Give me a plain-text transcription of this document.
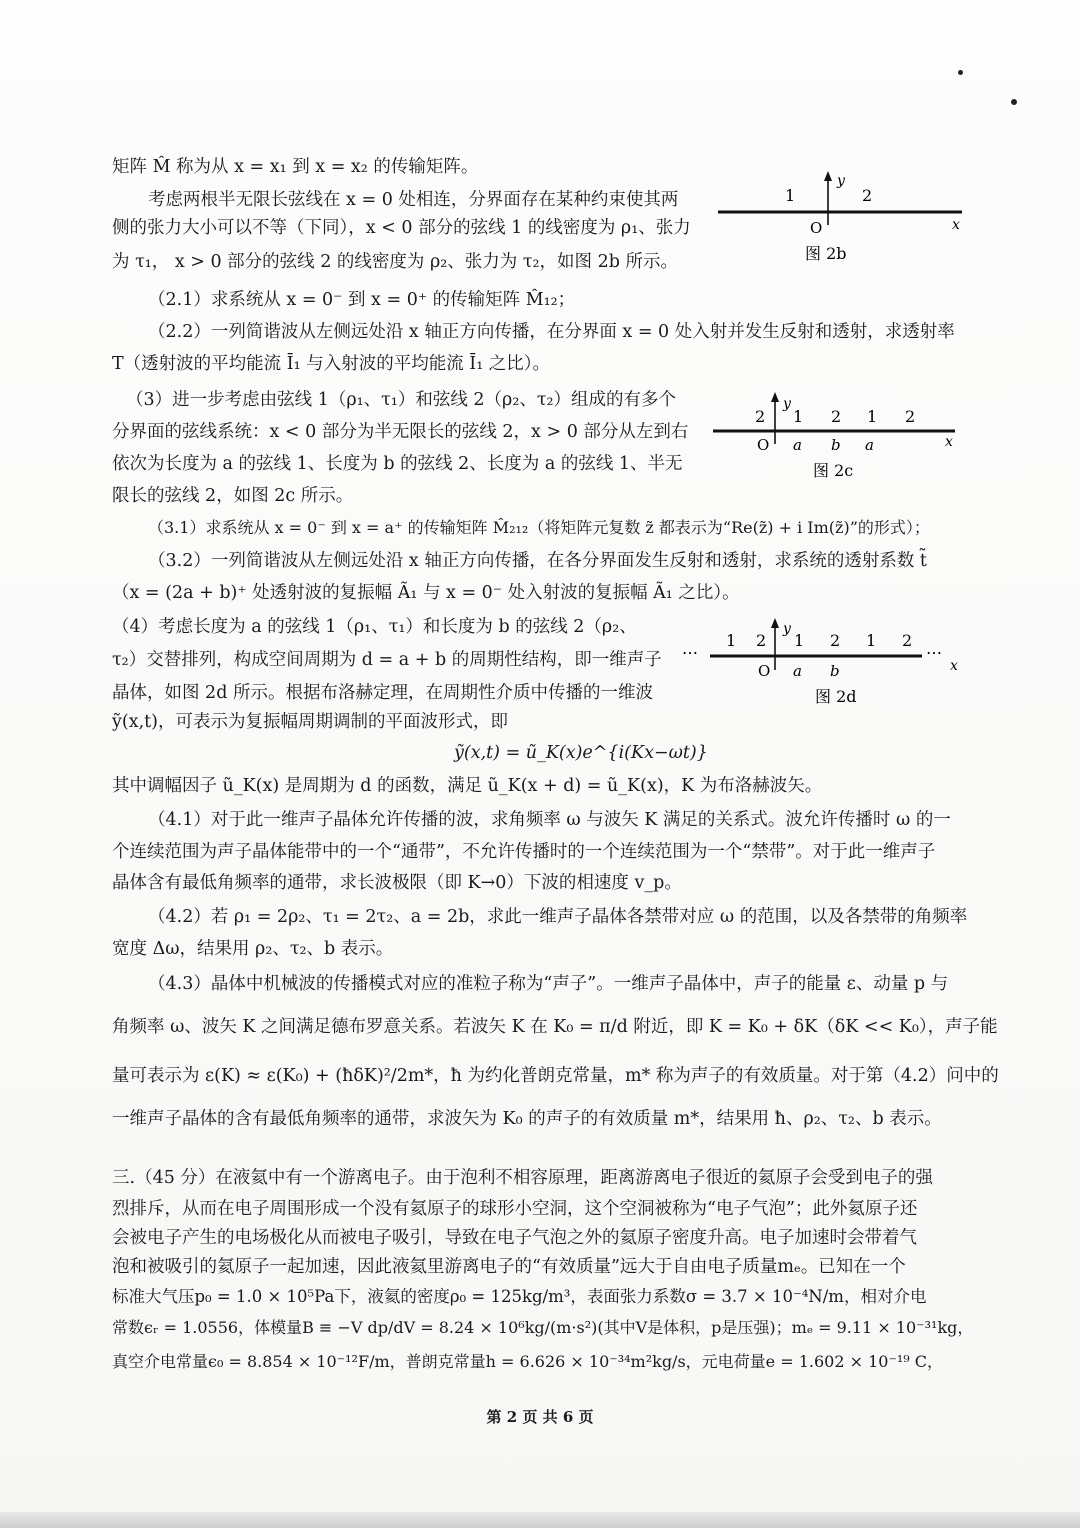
矩阵 M̂ 称为从 x = x₁ 到 x = x₂ 的传输矩阵。
考虑两根半无限长弦线在 x = 0 处相连，分界面存在某种约束使其两
侧的张力大小可以不等（下同），x < 0 部分的弦线 1 的线密度为 ρ₁、张力
为 τ₁， x > 0 部分的弦线 2 的线密度为 ρ₂、张力为 τ₂，如图 2b 所示。
（2.1）求系统从 x = 0⁻ 到 x = 0⁺ 的传输矩阵 M̂₁₂；
（2.2）一列简谐波从左侧远处沿 x 轴正方向传播，在分界面 x = 0 处入射并发生反射和透射，求透射率
T（透射波的平均能流 Ī₁ 与入射波的平均能流 Ī₁ 之比）。
（3）进一步考虑由弦线 1（ρ₁、τ₁）和弦线 2（ρ₂、τ₂）组成的有多个
分界面的弦线系统：x < 0 部分为半无限长的弦线 2，x > 0 部分从左到右
依次为长度为 a 的弦线 1、长度为 b 的弦线 2、长度为 a 的弦线 1、半无
限长的弦线 2，如图 2c 所示。
（3.1）求系统从 x = 0⁻ 到 x = a⁺ 的传输矩阵 M̂₂₁₂（将矩阵元复数 z̃ 都表示为“Re(z̃) + i Im(z̃)”的形式）；
（3.2）一列简谐波从左侧远处沿 x 轴正方向传播，在各分界面发生反射和透射，求系统的透射系数 t̃
（x = (2a + b)⁺ 处透射波的复振幅 Ã₁ 与 x = 0⁻ 处入射波的复振幅 Ã₁ 之比）。
（4）考虑长度为 a 的弦线 1（ρ₁、τ₁）和长度为 b 的弦线 2（ρ₂、
τ₂）交替排列，构成空间周期为 d = a + b 的周期性结构，即一维声子
晶体，如图 2d 所示。根据布洛赫定理，在周期性介质中传播的一维波
ỹ(x,t)，可表示为复振幅周期调制的平面波形式，即
ỹ(x,t) = ũ_K(x)e^{i(Kx−ωt)}
其中调幅因子 ũ_K(x) 是周期为 d 的函数，满足 ũ_K(x + d) = ũ_K(x)，K 为布洛赫波矢。
（4.1）对于此一维声子晶体允许传播的波，求角频率 ω 与波矢 K 满足的关系式。波允许传播时 ω 的一
个连续范围为声子晶体能带中的一个“通带”，不允许传播时的一个连续范围为一个“禁带”。对于此一维声子
晶体含有最低角频率的通带，求长波极限（即 K→0）下波的相速度 v_p。
（4.2）若 ρ₁ = 2ρ₂、τ₁ = 2τ₂、a = 2b，求此一维声子晶体各禁带对应 ω 的范围，以及各禁带的角频率
宽度 Δω，结果用 ρ₂、τ₂、b 表示。
（4.3）晶体中机械波的传播模式对应的准粒子称为“声子”。一维声子晶体中，声子的能量 ε、动量 p 与
角频率 ω、波矢 K 之间满足德布罗意关系。若波矢 K 在 K₀ = π/d 附近，即 K = K₀ + δK（δK << K₀），声子能
量可表示为 ε(K) ≈ ε(K₀) + (ħδK)²/2m*，ħ 为约化普朗克常量，m* 称为声子的有效质量。对于第（4.2）问中的
一维声子晶体的含有最低角频率的通带，求波矢为 K₀ 的声子的有效质量 m*，结果用 ħ、ρ₂、τ₂、b 表示。
三.（45 分）在液氦中有一个游离电子。由于泡利不相容原理，距离游离电子很近的氦原子会受到电子的强
烈排斥，从而在电子周围形成一个没有氦原子的球形小空洞，这个空洞被称为“电子气泡”；此外氦原子还
会被电子产生的电场极化从而被电子吸引，导致在电子气泡之外的氦原子密度升高。电子加速时会带着气
泡和被吸引的氦原子一起加速，因此液氦里游离电子的“有效质量”远大于自由电子质量mₑ。已知在一个
标准大气压p₀ = 1.0 × 10⁵Pa下，液氦的密度ρ₀ = 125kg/m³，表面张力系数σ = 3.7 × 10⁻⁴N/m，相对介电
常数ϵᵣ = 1.0556，体模量B ≡ −V dp/dV = 8.24 × 10⁶kg/(m·s²)(其中V是体积，p是压强)；mₑ = 9.11 × 10⁻³¹kg，
真空介电常量ϵ₀ = 8.854 × 10⁻¹²F/m，普朗克常量h = 6.626 × 10⁻³⁴m²kg/s，元电荷量e = 1.602 × 10⁻¹⁹ C，
1	2
y
x
O
图 2b
2 1 2 1 2
y
x
O a b a
图 2c
…	…
1 2 1 2 1 2
y
x
O a b
图 2d
第 2 页 共 6 页
